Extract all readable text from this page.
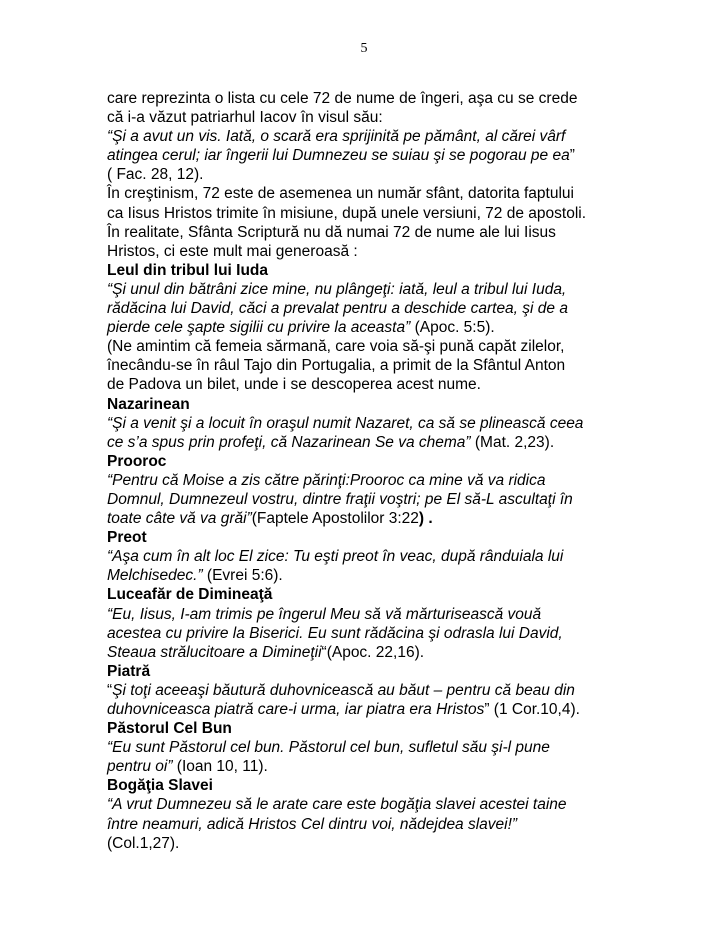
5
care reprezinta o lista cu cele 72 de nume de îngeri, aşa cu se crede
că i-a văzut patriarhul Iacov în visul său:
“Şi a avut un vis. Iată, o scară era sprijinită pe pământ, al cărei vârf
atingea cerul; iar îngerii lui Dumnezeu se suiau şi se pogorau pe ea”
( Fac. 28, 12).
În creştinism, 72 este de asemenea un număr sfânt, datorita faptului
ca Iisus Hristos trimite în misiune, după unele versiuni, 72 de apostoli.
În realitate, Sfânta Scriptură nu dă numai 72 de nume ale lui Iisus
Hristos, ci este mult mai generoasă :
Leul din tribul lui Iuda
“Şi unul din bătrâni zice mine, nu plângeţi: iată, leul a tribul lui Iuda,
rădăcina lui David, căci a prevalat pentru a deschide cartea, şi de a
pierde cele şapte sigilii cu privire la aceasta” (Apoc. 5:5).
(Ne amintim că femeia sărmană, care voia să-şi pună capăt zilelor,
înecându-se în râul Tajo din Portugalia, a primit de la Sfântul Anton
de Padova un bilet, unde i se descoperea acest nume.
Nazarinean
“Şi a venit şi a locuit în oraşul numit Nazaret, ca să se plinească ceea
ce s’a spus prin profeţi, că Nazarinean Se va chema” (Mat. 2,23).
Prooroc
“Pentru că Moise a zis către părinţi:Prooroc ca mine vă va ridica
Domnul, Dumnezeul vostru, dintre fraţii voştri; pe El să-L ascultaţi în
toate câte vă va grăi”(Faptele Apostolilor 3:22) .
Preot
“Aşa cum în alt loc El zice: Tu eşti preot în veac, după rânduiala lui
Melchisedec.” (Evrei 5:6).
Luceafăr de Dimineaţă
“Eu, Iisus, I-am trimis pe îngerul Meu să vă mărturisească vouă
acestea cu privire la Biserici. Eu sunt rădăcina şi odrasla lui David,
Steaua strălucitoare a Dimineţii“(Apoc. 22,16).
Piatră
“Şi toţi aceeaşi băutură duhovnicească au băut – pentru că beau din
duhovniceasca piatră care-i urma, iar piatra era Hristos” (1 Cor.10,4).
Păstorul Cel Bun
“Eu sunt Păstorul cel bun. Păstorul cel bun, sufletul său şi-l pune
pentru oi” (Ioan 10, 11).
Bogăţia Slavei
“A vrut Dumnezeu să le arate care este bogăţia slavei acestei taine
între neamuri, adică Hristos Cel dintru voi, nădejdea slavei!”
(Col.1,27).
